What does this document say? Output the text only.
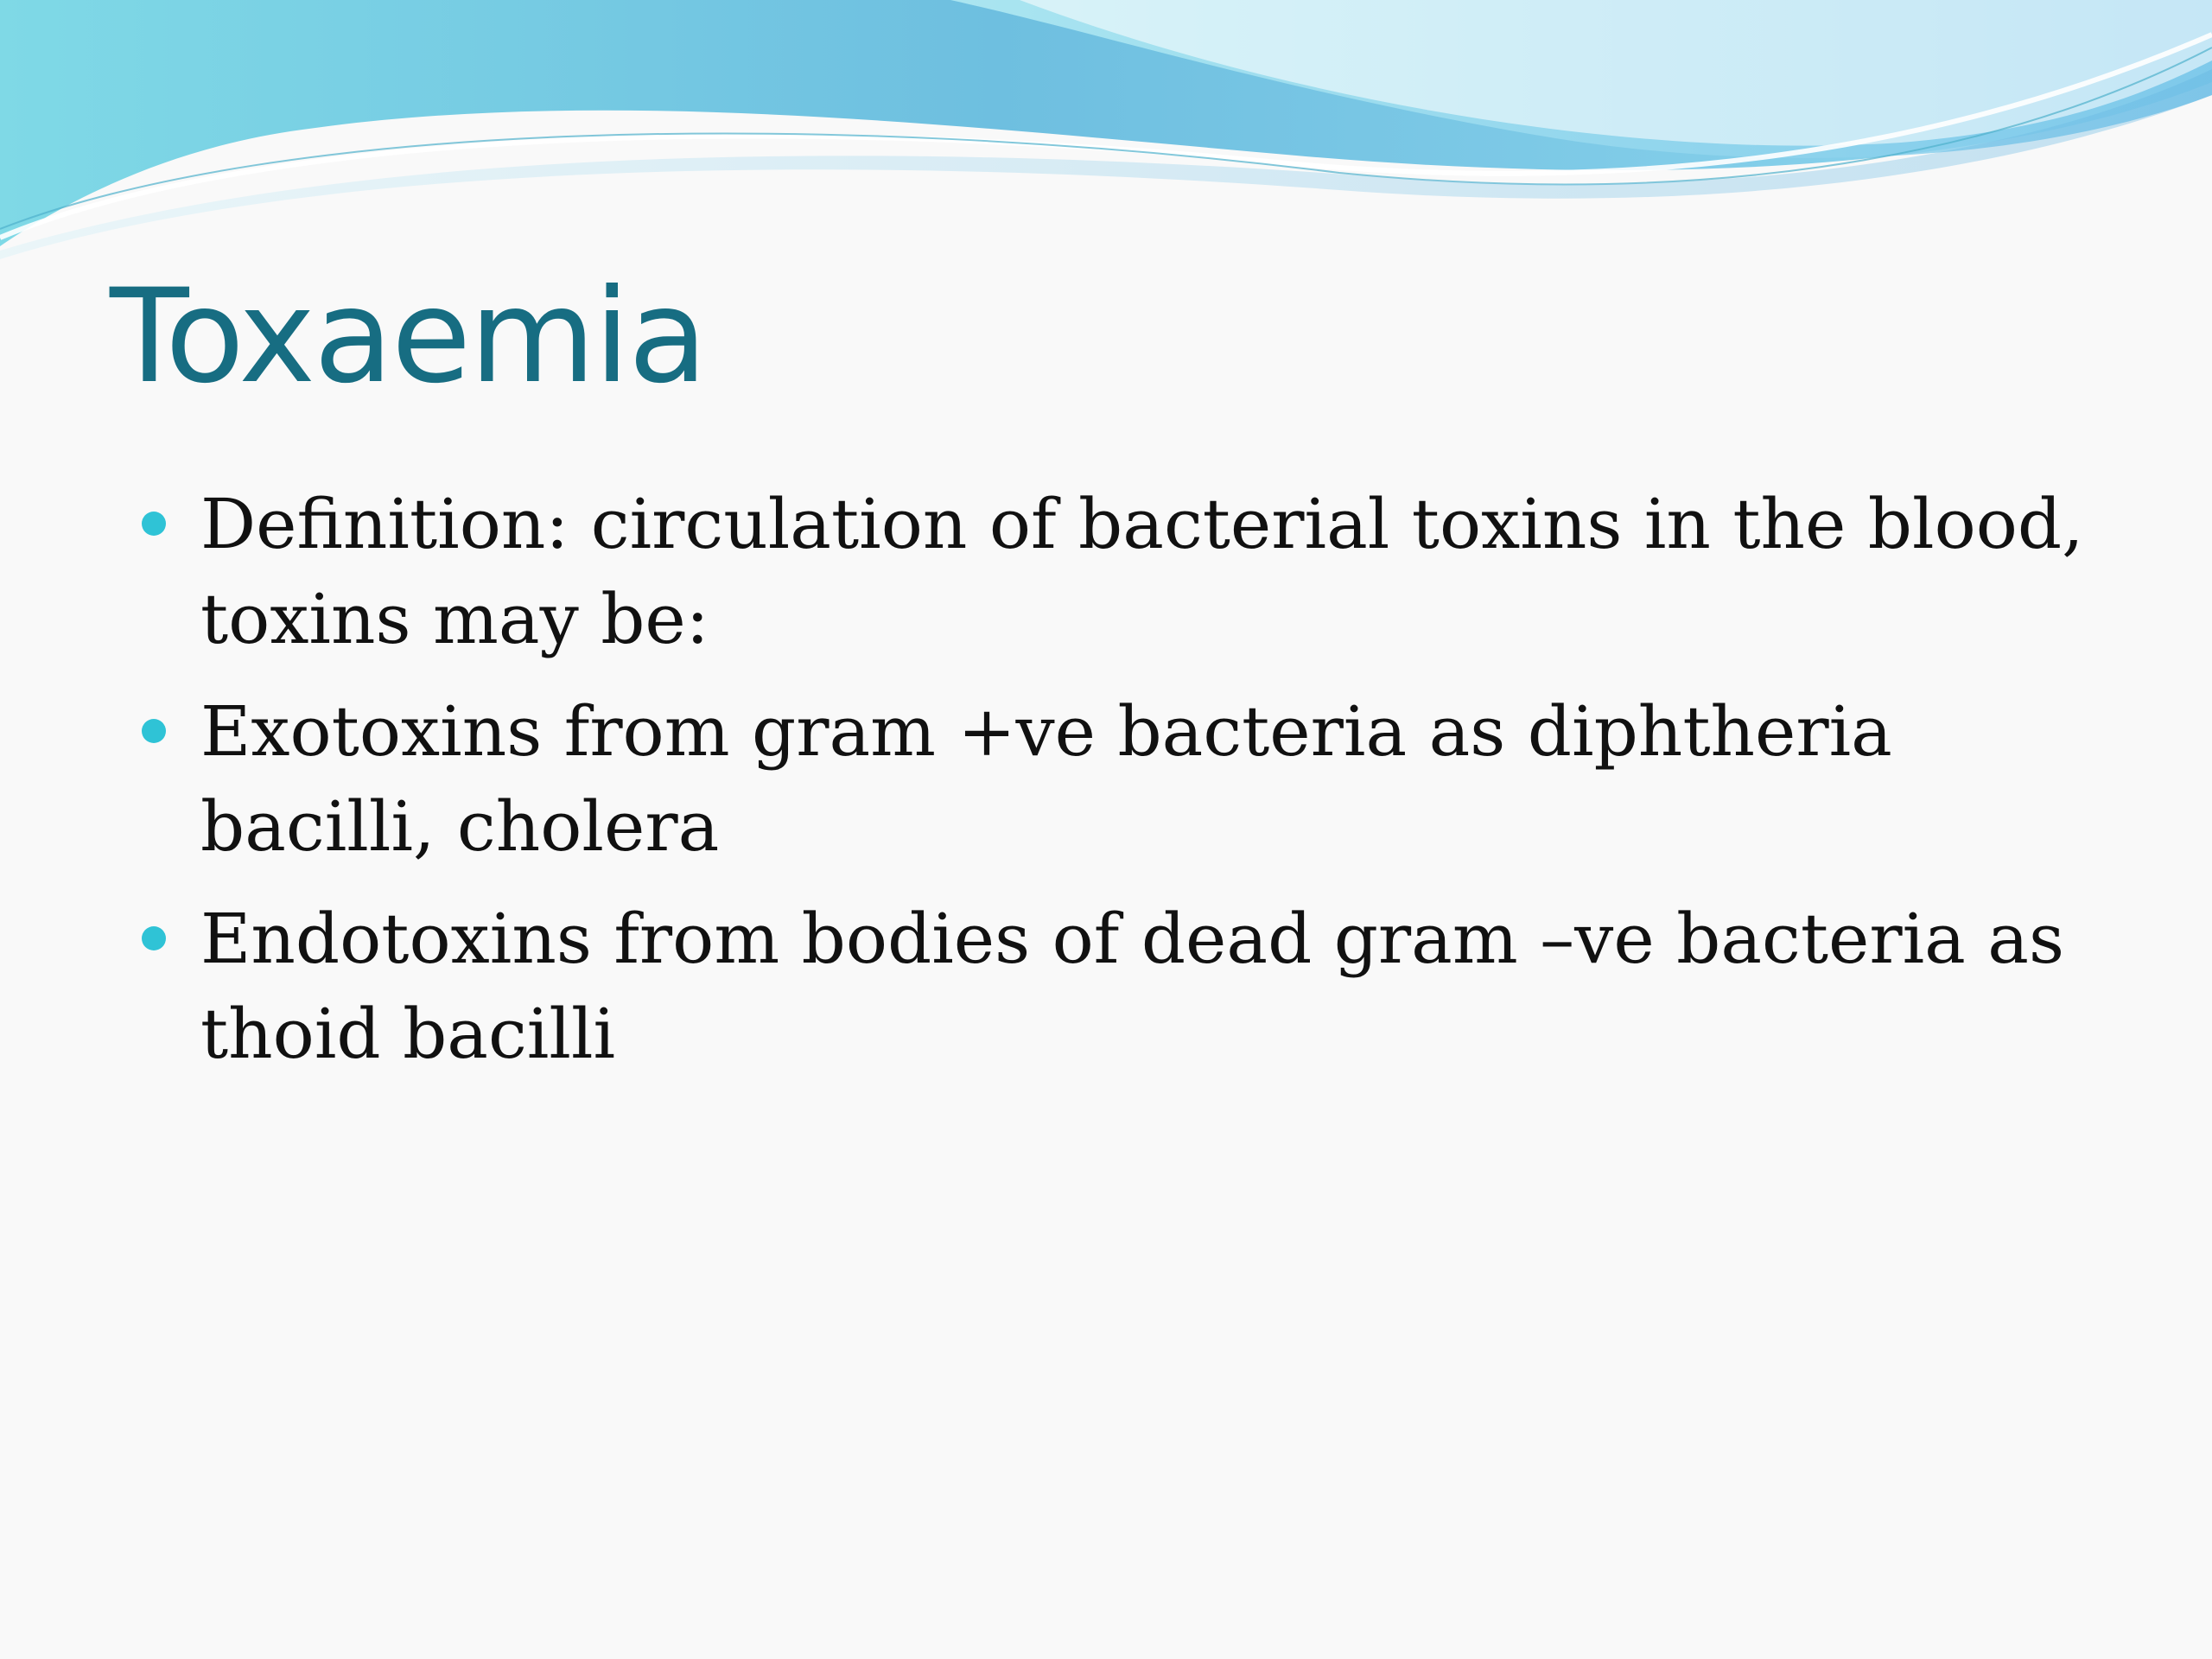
Toxaemia
Definition: circulation of bacterial toxins in the blood, toxins may be:
Exotoxins from gram +ve bacteria as diphtheria bacilli, cholera
Endotoxins from bodies of dead gram –ve bacteria as thoid bacilli
